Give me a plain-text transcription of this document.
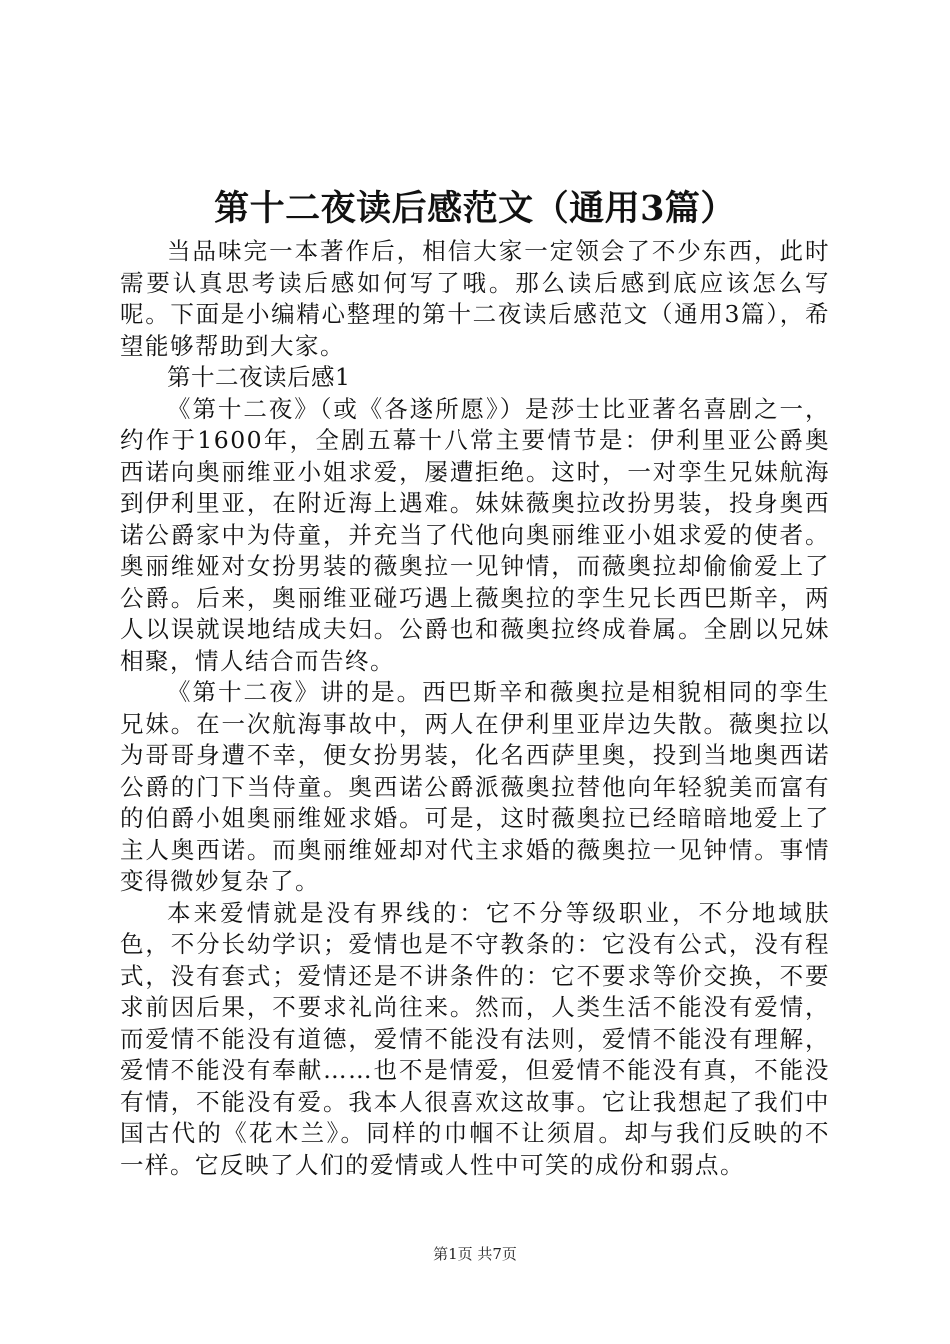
第十二夜读后感范文（通用3篇）

当品味完一本著作后，相信大家一定领会了不少东西，此时需要认真思考读后感如何写了哦。那么读后感到底应该怎么写呢。下面是小编精心整理的第十二夜读后感范文（通用3篇），希望能够帮助到大家。

第十二夜读后感1

《第十二夜》（或《各遂所愿》）是莎士比亚著名喜剧之一，约作于1600年，全剧五幕十八常主要情节是：伊利里亚公爵奥西诺向奥丽维亚小姐求爱，屡遭拒绝。这时，一对孪生兄妹航海到伊利里亚，在附近海上遇难。妹妹薇奥拉改扮男装，投身奥西诺公爵家中为侍童，并充当了代他向奥丽维亚小姐求爱的使者。奥丽维娅对女扮男装的薇奥拉一见钟情，而薇奥拉却偷偷爱上了公爵。后来，奥丽维亚碰巧遇上薇奥拉的孪生兄长西巴斯辛，两人以误就误地结成夫妇。公爵也和薇奥拉终成眷属。全剧以兄妹相聚，情人结合而告终。

《第十二夜》讲的是。西巴斯辛和薇奥拉是相貌相同的孪生兄妹。在一次航海事故中，两人在伊利里亚岸边失散。薇奥拉以为哥哥身遭不幸，便女扮男装，化名西萨里奥，投到当地奥西诺公爵的门下当侍童。奥西诺公爵派薇奥拉替他向年轻貌美而富有的伯爵小姐奥丽维娅求婚。可是，这时薇奥拉已经暗暗地爱上了主人奥西诺。而奥丽维娅却对代主求婚的薇奥拉一见钟情。事情变得微妙复杂了。

本来爱情就是没有界线的：它不分等级职业，不分地域肤色，不分长幼学识；爱情也是不守教条的：它没有公式，没有程式，没有套式；爱情还是不讲条件的：它不要求等价交换，不要求前因后果，不要求礼尚往来。然而，人类生活不能没有爱情，而爱情不能没有道德，爱情不能没有法则，爱情不能没有理解，爱情不能没有奉献……也不是情爱，但爱情不能没有真，不能没有情，不能没有爱。我本人很喜欢这故事。它让我想起了我们中国古代的《花木兰》。同样的巾帼不让须眉。却与我们反映的不一样。它反映了人们的爱情或人性中可笑的成份和弱点。

第1页 共7页
